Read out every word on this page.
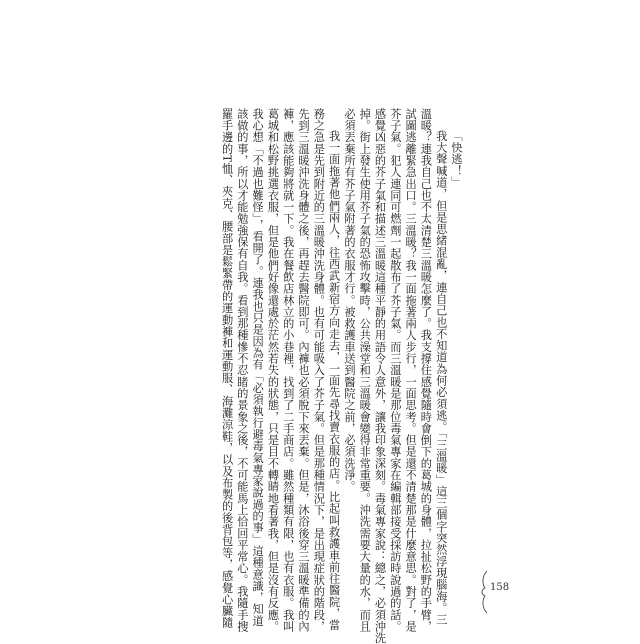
「快逃！」
我大聲喊道，但是思緒混亂，連自己也不知道為何必須逃。「三溫暖」這三個字突然浮現腦海。三
溫暖？連我自己也不太清楚三溫暖怎麼了。我支撐住感覺隨時會倒下的葛城的身體，拉扯松野的手臂，
試圖逃離緊急出口。三溫暖？我一面拖著兩人步行，一面思考。但是還不清楚那是什麼意思。對了，是
芥子氣。犯人連同可燃劑一起散布了芥子氣。而三溫暖是那位毒氣專家在編輯部接受採訪時說過的話。
感覺凶惡的芥子氣和描述三溫暖這種平靜的用語令人意外，讓我印象深刻。毒氣專家說：總之，必須沖洗
掉。街上發生使用芥子氣的恐怖攻擊時，公共澡堂和三溫暖會變得非常重要。沖洗需要大量的水，而且
必須丟棄所有芥子氣附著的衣服才行。被救護車送到醫院之前，必須洗淨。
我一面拖著他們兩人，往西武新宿方向走去，一面先尋找賣衣服的店。比起叫救護車前往醫院，當
務之急是先到附近的三溫暖沖洗身體。也有可能吸入了芥子氣。但是那種情況下，是出現症狀的階段，
先到三溫暖沖洗身體之後，再趕去醫院即可。內褲也必須脫下來丟棄。但是，沐浴後穿三溫暖準備的內
褲，應該能夠將就一下。我在餐飲店林立的小巷裡，找到了二手商店。雖然種類有限，也有衣服。我叫
葛城和松野挑選衣服，但是他們好像還處於茫然若失的狀態，只是目不轉睛地看著我，但是沒有反應。
我心想「不過也難怪」，看開了。連我也只是因為有「必須執行避毒氣專家說過的事」這種意識，知道
該做的事，所以才能勉強保有自我。看到那種慘不忍睹的景象之後，不可能馬上恰回平常心。我隨手搜
羅手邊的T恤、夾克、腰部是鬆緊帶的運動褲和運動服、海灘涼鞋，以及布製的後背包等，感覺心臟隨	158
